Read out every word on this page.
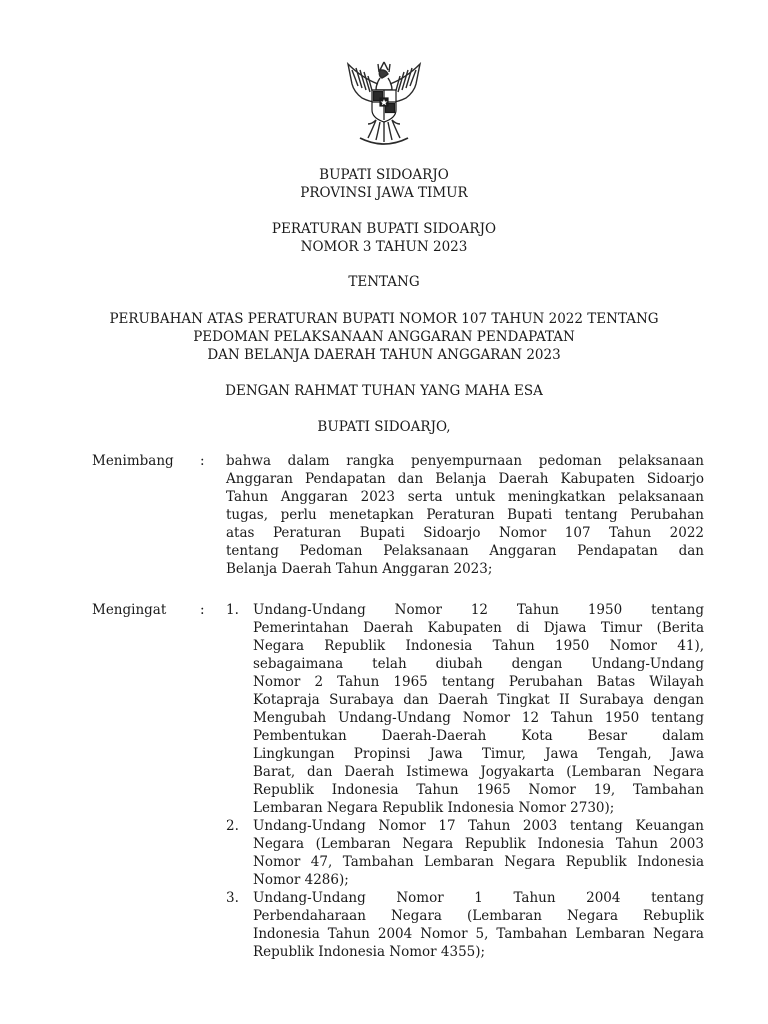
BUPATI SIDOARJO
PROVINSI JAWA TIMUR
PERATURAN BUPATI SIDOARJO
NOMOR 3 TAHUN 2023
TENTANG
PERUBAHAN ATAS PERATURAN BUPATI NOMOR 107 TAHUN 2022 TENTANG
PEDOMAN PELAKSANAAN ANGGARAN PENDAPATAN
DAN BELANJA DAERAH TAHUN ANGGARAN 2023
DENGAN RAHMAT TUHAN YANG MAHA ESA
BUPATI SIDOARJO,
Menimbang : bahwa dalam rangka penyempurnaan pedoman pelaksanaan
Anggaran Pendapatan dan Belanja Daerah Kabupaten Sidoarjo
Tahun Anggaran 2023 serta untuk meningkatkan pelaksanaan
tugas, perlu menetapkan Peraturan Bupati tentang Perubahan
atas Peraturan Bupati Sidoarjo Nomor 107 Tahun 2022
tentang Pedoman Pelaksanaan Anggaran Pendapatan dan
Belanja Daerah Tahun Anggaran 2023;
Mengingat : 1. Undang-Undang Nomor 12 Tahun 1950 tentang
Pemerintahan Daerah Kabupaten di Djawa Timur (Berita
Negara Republik Indonesia Tahun 1950 Nomor 41),
sebagaimana telah diubah dengan Undang-Undang
Nomor 2 Tahun 1965 tentang Perubahan Batas Wilayah
Kotapraja Surabaya dan Daerah Tingkat II Surabaya dengan
Mengubah Undang-Undang Nomor 12 Tahun 1950 tentang
Pembentukan Daerah-Daerah Kota Besar dalam
Lingkungan Propinsi Jawa Timur, Jawa Tengah, Jawa
Barat, dan Daerah Istimewa Jogyakarta (Lembaran Negara
Republik Indonesia Tahun 1965 Nomor 19, Tambahan
Lembaran Negara Republik Indonesia Nomor 2730);
2. Undang-Undang Nomor 17 Tahun 2003 tentang Keuangan
Negara (Lembaran Negara Republik Indonesia Tahun 2003
Nomor 47, Tambahan Lembaran Negara Republik Indonesia
Nomor 4286);
3. Undang-Undang Nomor 1 Tahun 2004 tentang
Perbendaharaan Negara (Lembaran Negara Rebuplik
Indonesia Tahun 2004 Nomor 5, Tambahan Lembaran Negara
Republik Indonesia Nomor 4355);
